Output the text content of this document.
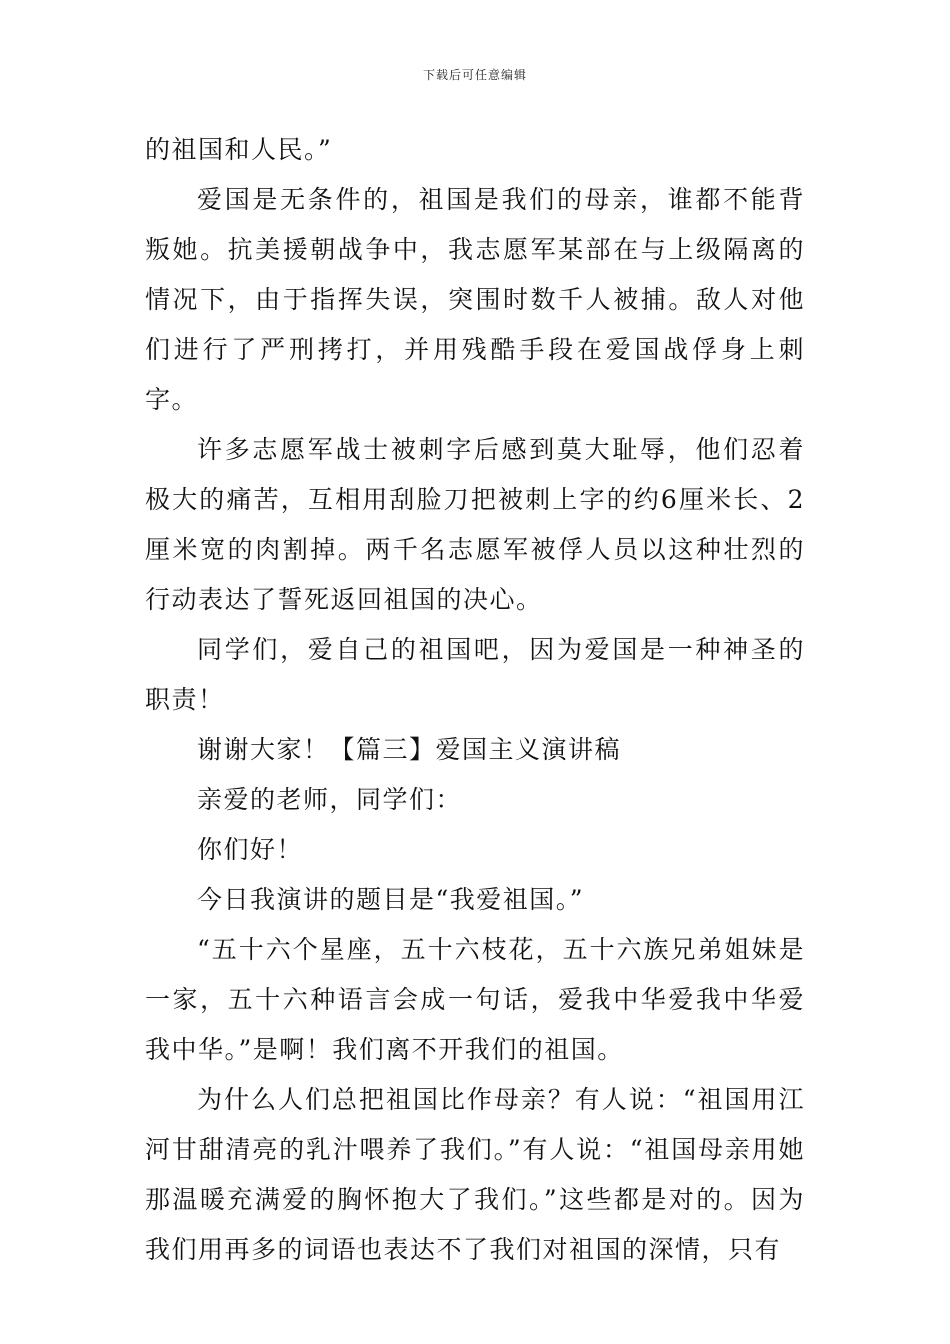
下载后可任意编辑

的祖国和人民。”

爱国是无条件的，祖国是我们的母亲，谁都不能背叛她。抗美援朝战争中，我志愿军某部在与上级隔离的情况下，由于指挥失误，突围时数千人被捕。敌人对他们进行了严刑拷打，并用残酷手段在爱国战俘身上刺字。

许多志愿军战士被刺字后感到莫大耻辱，他们忍着极大的痛苦，互相用刮脸刀把被刺上字的约6厘米长、2厘米宽的肉割掉。两千名志愿军被俘人员以这种壮烈的行动表达了誓死返回祖国的决心。

同学们，爱自己的祖国吧，因为爱国是一种神圣的职责！

谢谢大家！【篇三】爱国主义演讲稿

亲爱的老师，同学们：

你们好！

今日我演讲的题目是“我爱祖国。”

“五十六个星座，五十六枝花，五十六族兄弟姐妹是一家，五十六种语言会成一句话，爱我中华爱我中华爱我中华。”是啊！我们离不开我们的祖国。

为什么人们总把祖国比作母亲？有人说：“祖国用江河甘甜清亮的乳汁喂养了我们。”有人说：“祖国母亲用她那温暖充满爱的胸怀抱大了我们。”这些都是对的。因为我们用再多的词语也表达不了我们对祖国的深情，只有
